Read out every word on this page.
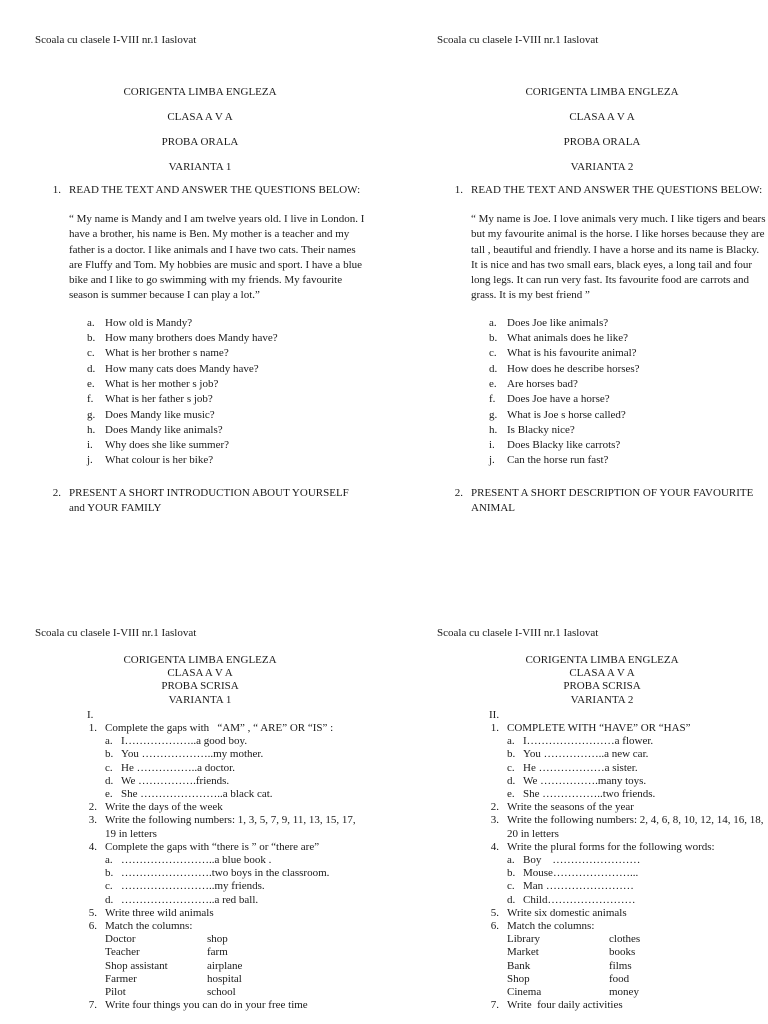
Scoala cu clasele I-VIII nr.1 Iaslovat
CORIGENTA LIMBA ENGLEZA
CLASA A V A
PROBA ORALA
VARIANTA 1
1. READ THE TEXT AND ANSWER THE QUESTIONS BELOW:
“ My name is Mandy and I am twelve years old. I live in London. I have a brother, his name is Ben. My mother is a teacher and my father is a doctor. I like animals and I have two cats. Their names are Fluffy and Tom. My hobbies are music and sport. I have a blue bike and I like to go swimming with my friends. My favourite season is summer because I can play a lot.”
a. How old is Mandy?
b. How many brothers does Mandy have?
c. What is her brother s name?
d. How many cats does Mandy have?
e. What is her mother s job?
f.	What is her father s job?
g. Does Mandy like music?
h. Does Mandy like animals?
i.	Why does she like summer?
j.	What colour is her bike?
2. PRESENT A SHORT INTRODUCTION ABOUT YOURSELF and YOUR FAMILY
Scoala cu clasele I-VIII nr.1 Iaslovat
CORIGENTA LIMBA ENGLEZA
CLASA A V A
PROBA ORALA
VARIANTA 2
1. READ THE TEXT AND ANSWER THE QUESTIONS BELOW:
“ My name is Joe. I love animals very much. I like tigers and bears but my favourite animal is the horse. I like horses because they are tall , beautiful and friendly. I have a horse and its name is Blacky. It is nice and has two small ears, black eyes, a long tail and four long legs. It can run very fast. Its favourite food are carrots and grass. It is my best friend ”
a. Does Joe like animals?
b. What animals does he like?
c. What is his favourite animal?
d. How does he describe horses?
e. Are horses bad?
f.	Does Joe have a horse?
g. What is Joe s horse called?
h. Is Blacky nice?
i.	Does Blacky like carrots?
j.	Can the horse run fast?
2. PRESENT A SHORT DESCRIPTION OF YOUR FAVOURITE ANIMAL
Scoala cu clasele I-VIII nr.1 Iaslovat
CORIGENTA LIMBA ENGLEZA
CLASA A V A
PROBA SCRISA
VARIANTA 1
I.
1. Complete the gaps with   “AM” , “ ARE” OR “IS” :
a. I………………..a good boy.
b. You ………………..my mother.
c. He ……………..a doctor.
d. We …………….friends.
e. She …………………..a black cat.
2. Write the days of the week
3. Write the following numbers: 1, 3, 5, 7, 9, 11, 13, 15, 17, 19 in letters
4. Complete the gaps with “there is ” or “there are”
a. ……………………..a blue book .
b. …………………….two boys in the classroom.
c. ……………………..my friends.
d. ……………………..a red ball.
5. Write three wild animals
6. Match the columns:
Doctor	shop
Teacher	farm
Shop assistant	airplane
Farmer	hospital
Pilot	school
7. Write four things you can do in your free time
Scoala cu clasele I-VIII nr.1 Iaslovat
CORIGENTA LIMBA ENGLEZA
CLASA A V A
PROBA SCRISA
VARIANTA 2
II.
1. COMPLETE WITH “HAVE” OR “HAS”
a. I……………………a flower.
b. You ……………..a new car.
c. He ………………a sister.
d. We …………….many toys.
e. She ……………..two friends.
2. Write the seasons of the year
3. Write the following numbers: 2, 4, 6, 8, 10, 12, 14, 16, 18, 20 in letters
4. Write the plural forms for the following words:
a. Boy    ……………………
b. Mouse…………………...
c. Man ……………………
d. Child……………………
5. Write six domestic animals
6. Match the columns:
Library	clothes
Market	books
Bank	films
Shop	food
Cinema	money
7. Write  four daily activities
